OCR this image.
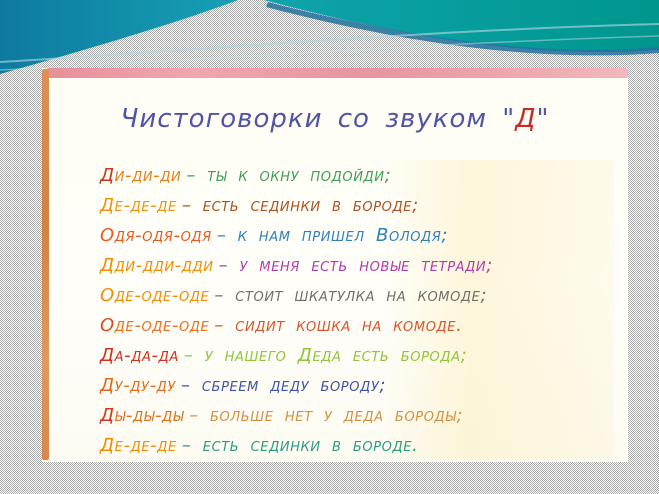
Чистоговорки со звуком "Д"
Д и-ди-ди – ты к окну подойди;
Д е-де-де – есть сединки в бороде;
О дя-одя-одя – к нам пришел Володя;
Д ди-дди-дди – у меня есть новые тетради;
О де-оде-оде – стоит шкатулка на комоде;
О де-оде-оде – сидит кошка на комоде.
Д а-да-да – у нашего Деда есть борода;
Д у-ду-ду – сбреем деду бороду;
Д ы-ды-ды – больше нет у деда бороды;
Д е-де-де – есть сединки в бороде.
